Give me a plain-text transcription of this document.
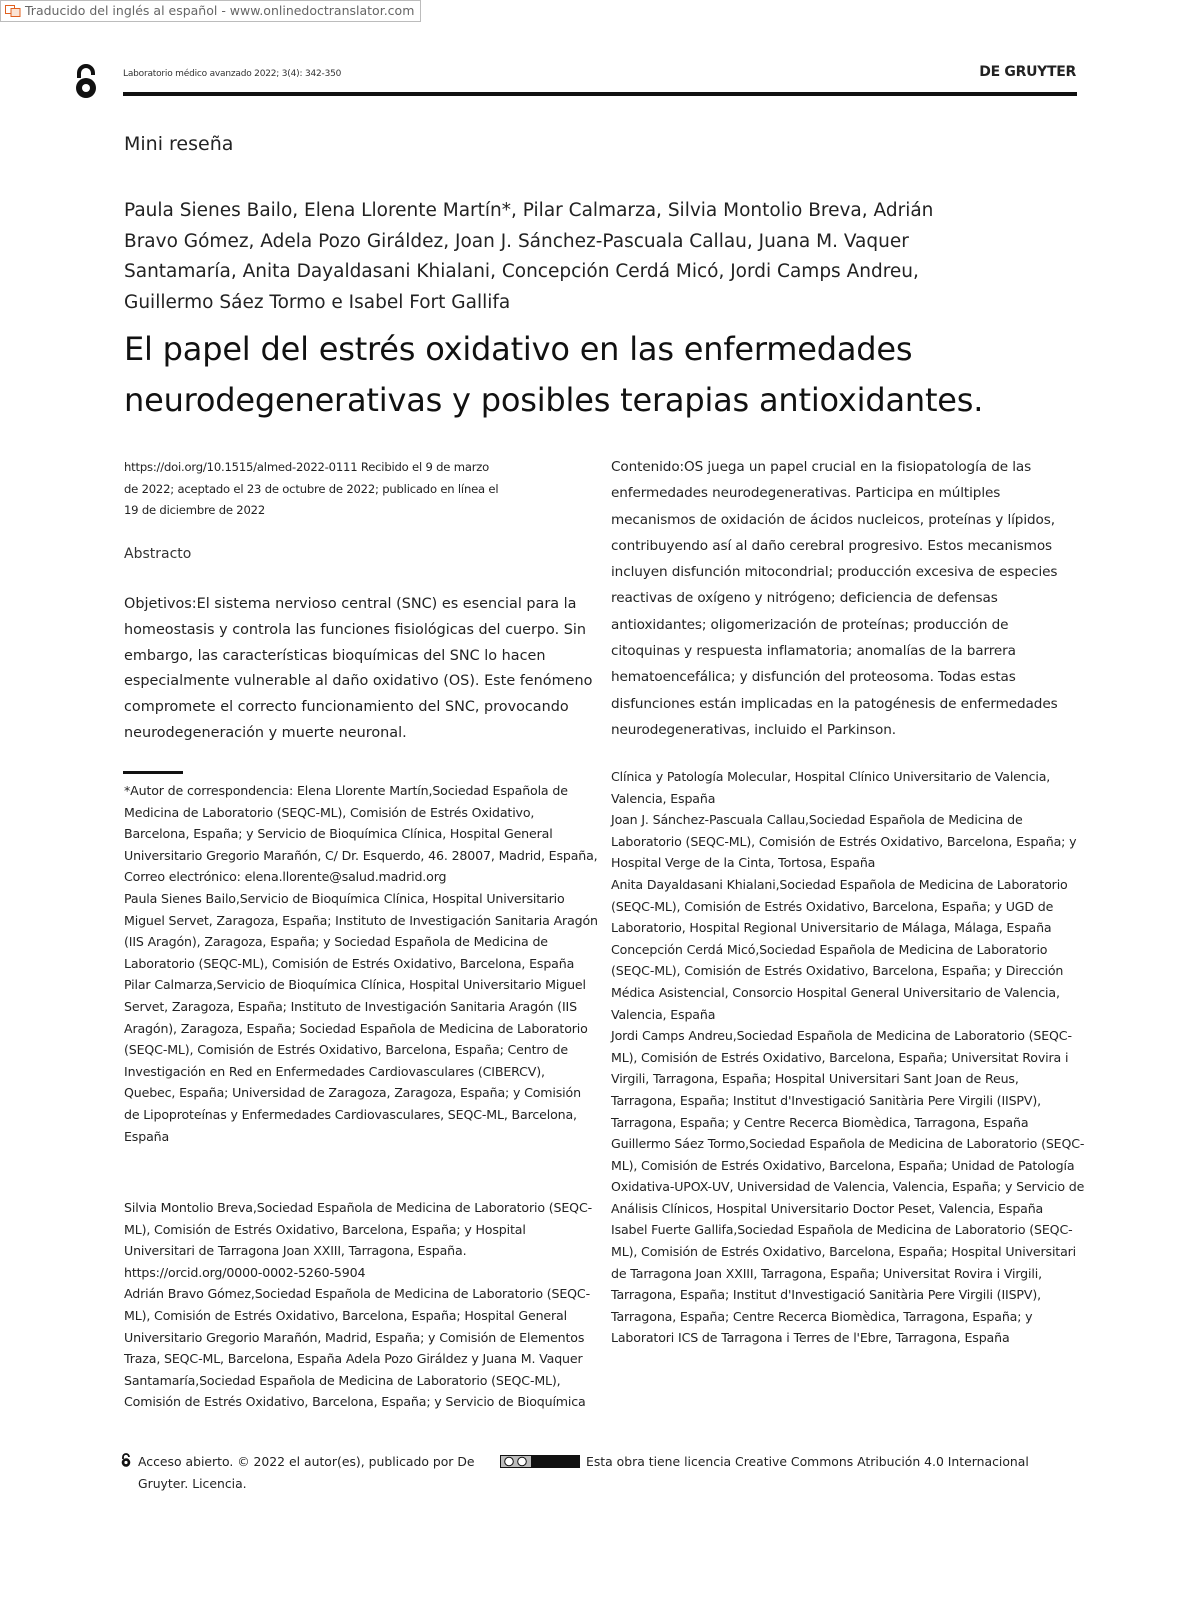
Traducido del inglés al español - www.onlinedoctranslator.com
Laboratorio médico avanzado 2022; 3(4): 342-350	DE GRUYTER
Mini reseña

Paula Sienes Bailo, Elena Llorente Martín*, Pilar Calmarza, Silvia Montolio Breva, Adrián Bravo Gómez, Adela Pozo Giráldez, Joan J. Sánchez-Pascuala Callau, Juana M. Vaquer Santamaría, Anita Dayaldasani Khialani, Concepción Cerdá Micó, Jordi Camps Andreu, Guillermo Sáez Tormo e Isabel Fort Gallifa

El papel del estrés oxidativo en las enfermedades neurodegenerativas y posibles terapias antioxidantes.
https://doi.org/10.1515/almed-2022-0111 Recibido el 9 de marzo de 2022; aceptado el 23 de octubre de 2022; publicado en línea el 19 de diciembre de 2022
Abstracto

Objetivos:El sistema nervioso central (SNC) es esencial para la homeostasis y controla las funciones fisiológicas del cuerpo. Sin embargo, las características bioquímicas del SNC lo hacen especialmente vulnerable al daño oxidativo (OS). Este fenómeno compromete el correcto funcionamiento del SNC, provocando neurodegeneración y muerte neuronal.

Contenido:OS juega un papel crucial en la fisiopatología de las enfermedades neurodegenerativas. Participa en múltiples mecanismos de oxidación de ácidos nucleicos, proteínas y lípidos, contribuyendo así al daño cerebral progresivo. Estos mecanismos incluyen disfunción mitocondrial; producción excesiva de especies reactivas de oxígeno y nitrógeno; deficiencia de defensas antioxidantes; oligomerización de proteínas; producción de citoquinas y respuesta inflamatoria; anomalías de la barrera hematoencefálica; y disfunción del proteosoma. Todas estas disfunciones están implicadas en la patogénesis de enfermedades neurodegenerativas, incluido el Parkinson.

*Autor de correspondencia: Elena Llorente Martín,Sociedad Española de Medicina de Laboratorio (SEQC-ML), Comisión de Estrés Oxidativo, Barcelona, España; y Servicio de Bioquímica Clínica, Hospital General Universitario Gregorio Marañón, C/ Dr. Esquerdo, 46. 28007, Madrid, España, Correo electrónico: elena.llorente@salud.madrid.org

Paula Sienes Bailo,Servicio de Bioquímica Clínica, Hospital Universitario Miguel Servet, Zaragoza, España; Instituto de Investigación Sanitaria Aragón (IIS Aragón), Zaragoza, España; y Sociedad Española de Medicina de Laboratorio (SEQC-ML), Comisión de Estrés Oxidativo, Barcelona, España

Pilar Calmarza,Servicio de Bioquímica Clínica, Hospital Universitario Miguel Servet, Zaragoza, España; Instituto de Investigación Sanitaria Aragón (IIS Aragón), Zaragoza, España; Sociedad Española de Medicina de Laboratorio (SEQC-ML), Comisión de Estrés Oxidativo, Barcelona, España; Centro de Investigación en Red en Enfermedades Cardiovasculares (CIBERCV), Quebec, España; Universidad de Zaragoza, Zaragoza, España; y Comisión de Lipoproteínas y Enfermedades Cardiovasculares, SEQC-ML, Barcelona, España

Silvia Montolio Breva,Sociedad Española de Medicina de Laboratorio (SEQC-ML), Comisión de Estrés Oxidativo, Barcelona, España; y Hospital Universitari de Tarragona Joan XXIII, Tarragona, España. https://orcid.org/0000-0002-5260-5904

Adrián Bravo Gómez,Sociedad Española de Medicina de Laboratorio (SEQC-ML), Comisión de Estrés Oxidativo, Barcelona, España; Hospital General Universitario Gregorio Marañón, Madrid, España; y Comisión de Elementos Traza, SEQC-ML, Barcelona, España Adela Pozo Giráldez y Juana M. Vaquer Santamaría,Sociedad Española de Medicina de Laboratorio (SEQC-ML), Comisión de Estrés Oxidativo, Barcelona, España; y Servicio de Bioquímica

Clínica y Patología Molecular, Hospital Clínico Universitario de Valencia, Valencia, España

Joan J. Sánchez-Pascuala Callau,Sociedad Española de Medicina de Laboratorio (SEQC-ML), Comisión de Estrés Oxidativo, Barcelona, España; y Hospital Verge de la Cinta, Tortosa, España

Anita Dayaldasani Khialani,Sociedad Española de Medicina de Laboratorio (SEQC-ML), Comisión de Estrés Oxidativo, Barcelona, España; y UGD de Laboratorio, Hospital Regional Universitario de Málaga, Málaga, España

Concepción Cerdá Micó,Sociedad Española de Medicina de Laboratorio (SEQC-ML), Comisión de Estrés Oxidativo, Barcelona, España; y Dirección Médica Asistencial, Consorcio Hospital General Universitario de Valencia, Valencia, España

Jordi Camps Andreu,Sociedad Española de Medicina de Laboratorio (SEQC-ML), Comisión de Estrés Oxidativo, Barcelona, España; Universitat Rovira i Virgili, Tarragona, España; Hospital Universitari Sant Joan de Reus, Tarragona, España; Institut d'Investigació Sanitària Pere Virgili (IISPV), Tarragona, España; y Centre Recerca Biomèdica, Tarragona, España

Guillermo Sáez Tormo,Sociedad Española de Medicina de Laboratorio (SEQC-ML), Comisión de Estrés Oxidativo, Barcelona, España; Unidad de Patología Oxidativa-UPOX-UV, Universidad de Valencia, Valencia, España; y Servicio de Análisis Clínicos, Hospital Universitario Doctor Peset, Valencia, España

Isabel Fuerte Gallifa,Sociedad Española de Medicina de Laboratorio (SEQC-ML), Comisión de Estrés Oxidativo, Barcelona, España; Hospital Universitari de Tarragona Joan XXIII, Tarragona, España; Universitat Rovira i Virgili, Tarragona, España; Institut d'Investigació Sanitària Pere Virgili (IISPV), Tarragona, España; Centre Recerca Biomèdica, Tarragona, España; y Laboratori ICS de Tarragona i Terres de l'Ebre, Tarragona, España

Acceso abierto. © 2022 el autor(es), publicado por De Gruyter. Licencia.
Esta obra tiene licencia Creative Commons Atribución 4.0 Internacional
